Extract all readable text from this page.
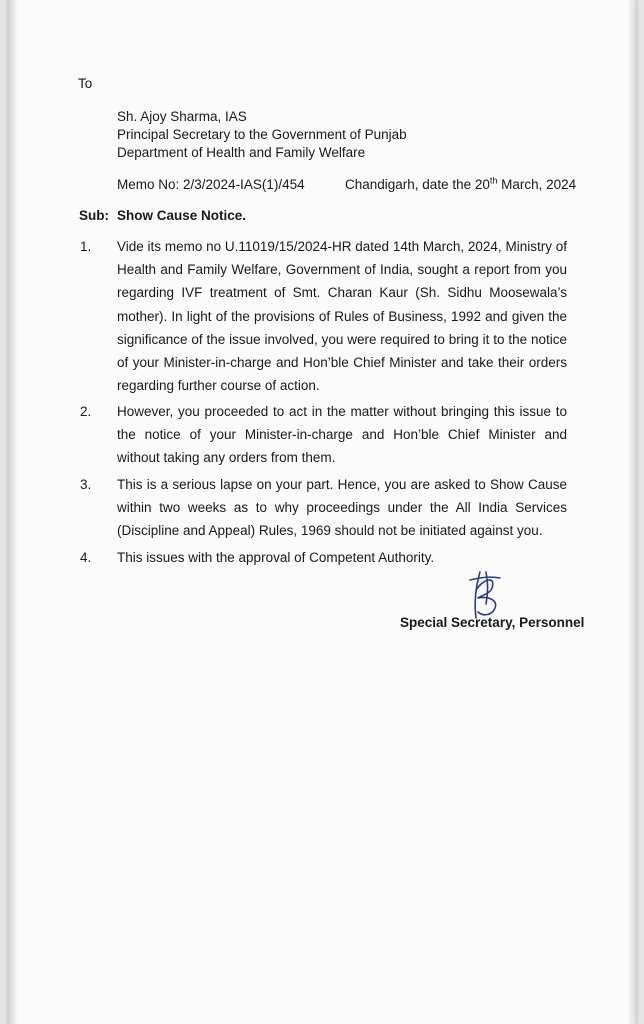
To
Sh. Ajoy Sharma, IAS
Principal Secretary to the Government of Punjab
Department of Health and Family Welfare
Memo No: 2/3/2024-IAS(1)/454	Chandigarh, date the 20th March, 2024
Sub: Show Cause Notice.
1. Vide its memo no U.11019/15/2024-HR dated 14th March, 2024, Ministry of Health and Family Welfare, Government of India, sought a report from you regarding IVF treatment of Smt. Charan Kaur (Sh. Sidhu Moosewala’s mother). In light of the provisions of Rules of Business, 1992 and given the significance of the issue involved, you were required to bring it to the notice of your Minister-in-charge and Hon’ble Chief Minister and take their orders regarding further course of action.
2. However, you proceeded to act in the matter without bringing this issue to the notice of your Minister-in-charge and Hon’ble Chief Minister and without taking any orders from them.
3. This is a serious lapse on your part. Hence, you are asked to Show Cause within two weeks as to why proceedings under the All India Services (Discipline and Appeal) Rules, 1969 should not be initiated against you.
4. This issues with the approval of Competent Authority.
Special Secretary, Personnel
